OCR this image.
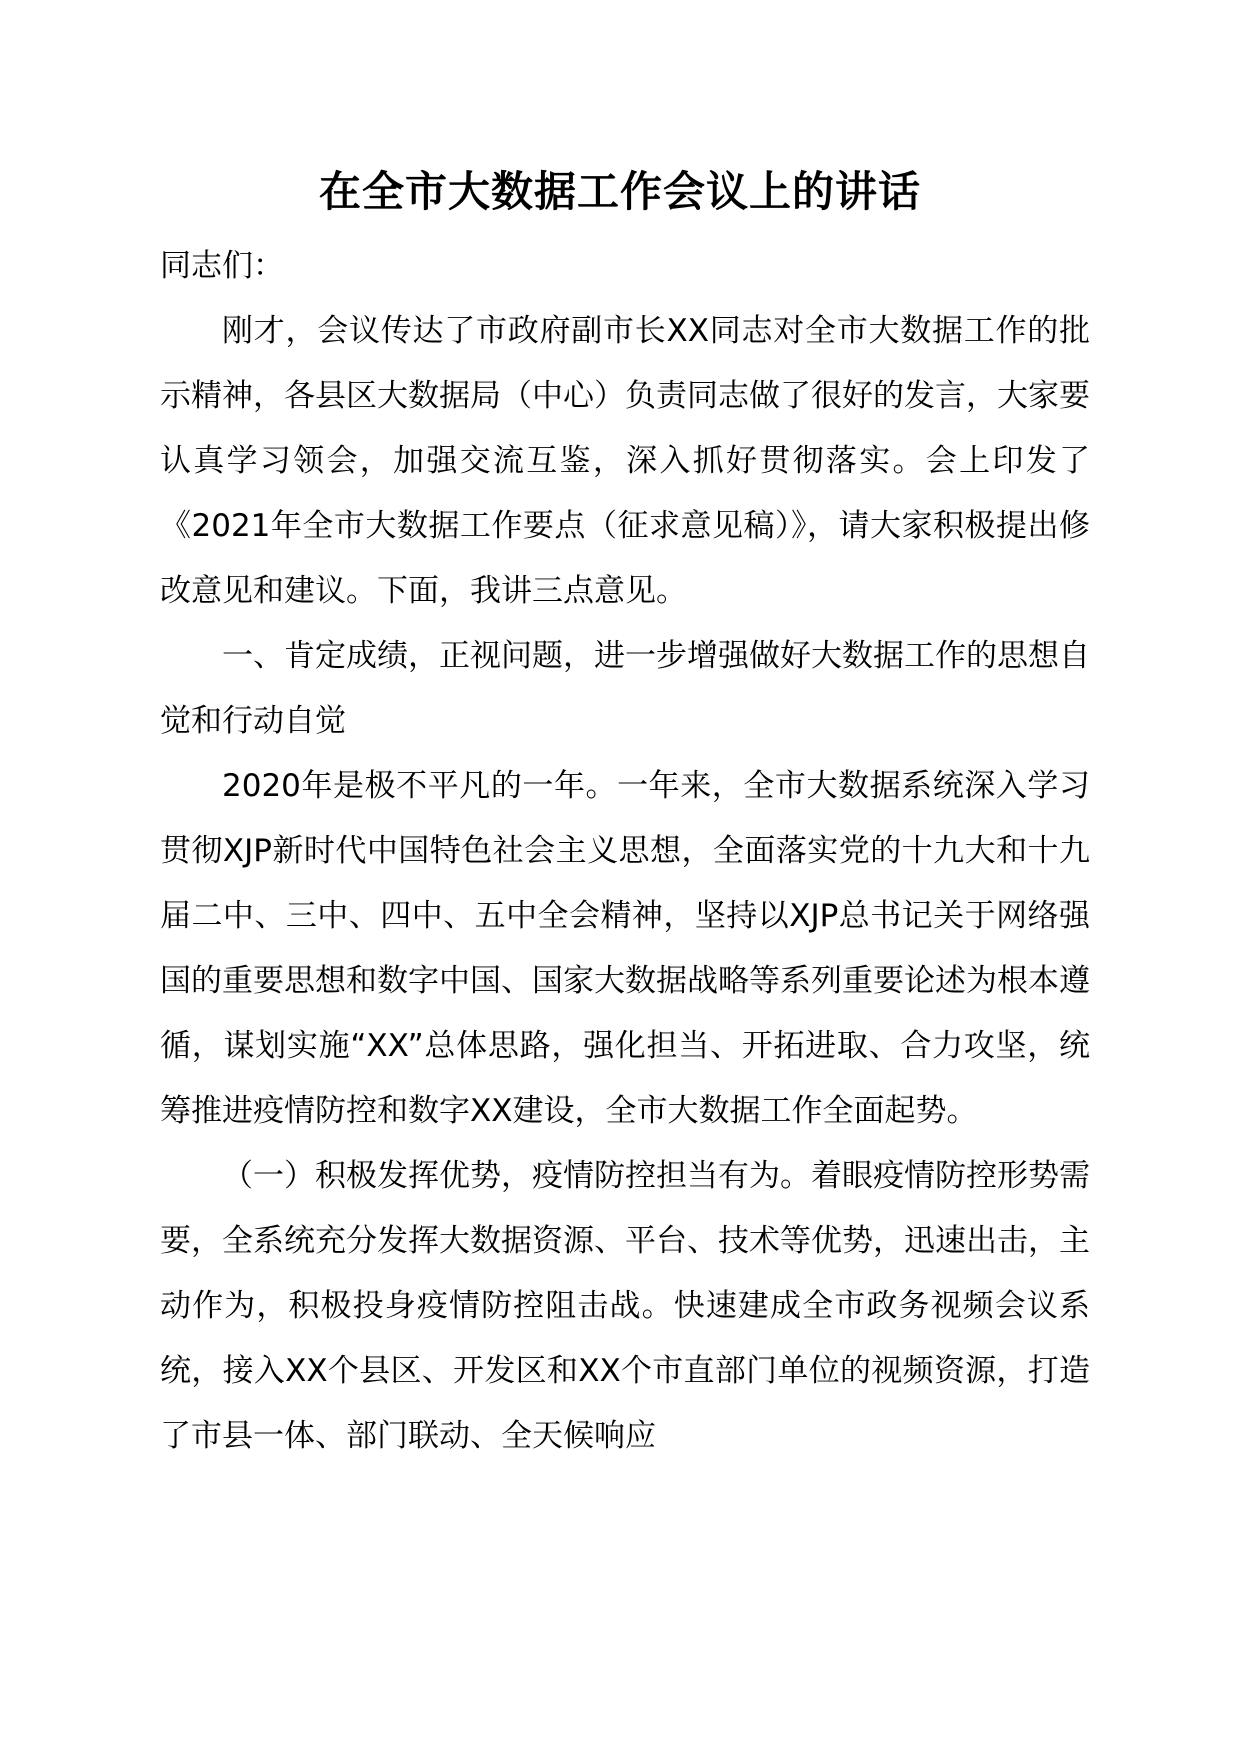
在全市大数据工作会议上的讲话

同志们：

刚才，会议传达了市政府副市长XX同志对全市大数据工作的批示精神，各县区大数据局（中心）负责同志做了很好的发言，大家要认真学习领会，加强交流互鉴，深入抓好贯彻落实。会上印发了《2021年全市大数据工作要点（征求意见稿）》，请大家积极提出修改意见和建议。下面，我讲三点意见。

一、肯定成绩，正视问题，进一步增强做好大数据工作的思想自觉和行动自觉

2020年是极不平凡的一年。一年来，全市大数据系统深入学习贯彻XJP新时代中国特色社会主义思想，全面落实党的十九大和十九届二中、三中、四中、五中全会精神，坚持以XJP总书记关于网络强国的重要思想和数字中国、国家大数据战略等系列重要论述为根本遵循，谋划实施“XX”总体思路，强化担当、开拓进取、合力攻坚，统筹推进疫情防控和数字XX建设，全市大数据工作全面起势。

（一）积极发挥优势，疫情防控担当有为。着眼疫情防控形势需要，全系统充分发挥大数据资源、平台、技术等优势，迅速出击，主动作为，积极投身疫情防控阻击战。快速建成全市政务视频会议系统，接入XX个县区、开发区和XX个市直部门单位的视频资源，打造了市县一体、部门联动、全天候响应
